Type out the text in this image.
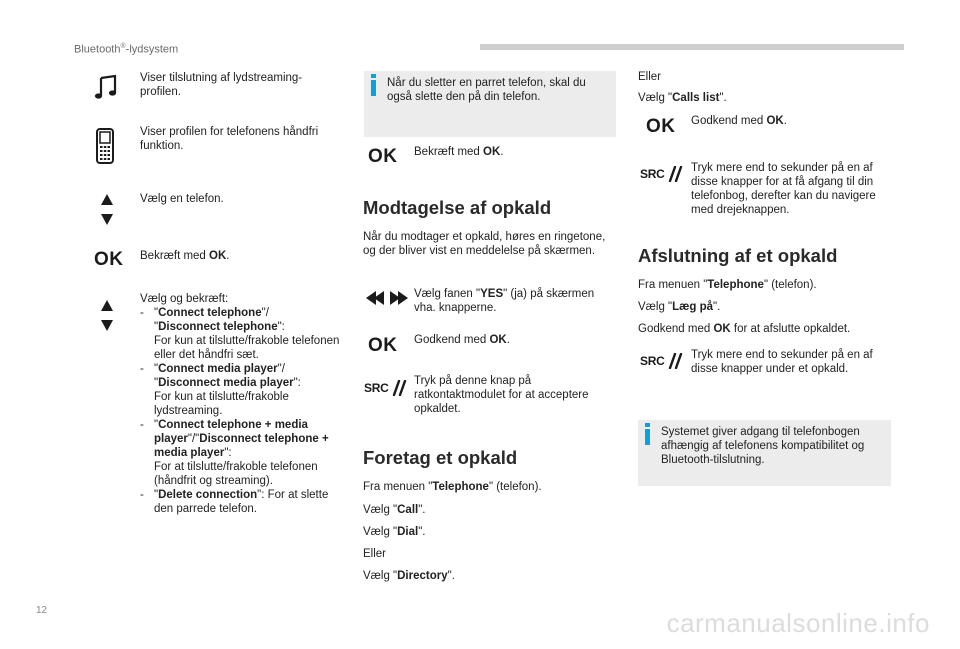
Bluetooth®-lydsystem
Viser tilslutning af lydstreaming-profilen.
Viser profilen for telefonens håndfri funktion.
Vælg en telefon.
OK Bekræft med OK.
Vælg og bekræft:
- "Connect telephone"/
"Disconnect telephone":
For kun at tilslutte/frakoble telefonen eller det håndfri sæt.
- "Connect media player"/
"Disconnect media player":
For kun at tilslutte/frakoble lydstreaming.
- "Connect telephone + media player"/"Disconnect telephone + media player":
For at tilslutte/frakoble telefonen (håndfrit og streaming).
- "Delete connection": For at slette den parrede telefon.
Når du sletter en parret telefon, skal du også slette den på din telefon.
OK Bekræft med OK.
Modtagelse af opkald
Når du modtager et opkald, høres en ringetone, og der bliver vist en meddelelse på skærmen.
Vælg fanen "YES" (ja) på skærmen vha. knapperne.
OK Godkend med OK.
SRC Tryk på denne knap på ratkontaktmodulet for at acceptere opkaldet.
Foretag et opkald
Fra menuen "Telephone" (telefon).
Vælg "Call".
Vælg "Dial".
Eller
Vælg "Directory".
Eller
Vælg "Calls list".
OK Godkend med OK.
SRC Tryk mere end to sekunder på en af disse knapper for at få afgang til din telefonbog, derefter kan du navigere med drejeknappen.
Afslutning af et opkald
Fra menuen "Telephone" (telefon).
Vælg "Læg på".
Godkend med OK for at afslutte opkaldet.
SRC Tryk mere end to sekunder på en af disse knapper under et opkald.
Systemet giver adgang til telefonbogen afhængig af telefonens kompatibilitet og Bluetooth-tilslutning.
12	carmanualsonline.info
